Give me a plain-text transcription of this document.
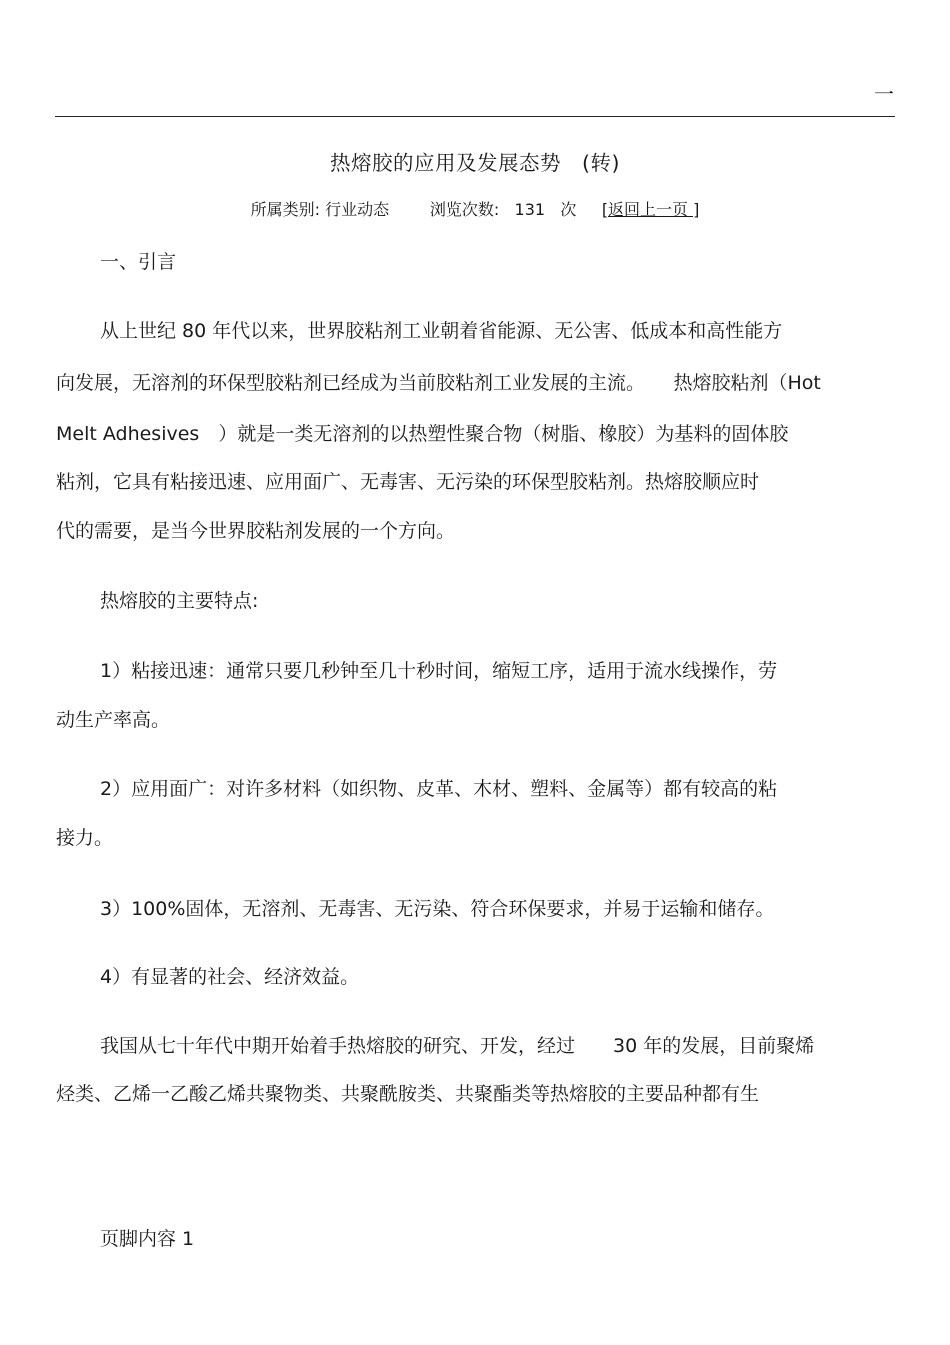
一
热熔胶的应用及发展态势　(转)
所属类别: 行业动态	浏览次数: 131 次 [返回上一页 ]
一、引言
从上世纪 80 年代以来，世界胶粘剂工业朝着省能源、无公害、低成本和高性能方
向发展，无溶剂的环保型胶粘剂已经成为当前胶粘剂工业发展的主流。　　热熔胶粘剂（Hot
Melt Adhesives　）就是一类无溶剂的以热塑性聚合物（树脂、橡胶）为基料的固体胶
粘剂，它具有粘接迅速、应用面广、无毒害、无污染的环保型胶粘剂。热熔胶顺应时
代的需要，是当今世界胶粘剂发展的一个方向。
热熔胶的主要特点:
1）粘接迅速：通常只要几秒钟至几十秒时间，缩短工序，适用于流水线操作，劳
动生产率高。
2）应用面广：对许多材料（如织物、皮革、木材、塑料、金属等）都有较高的粘
接力。
3）100%固体，无溶剂、无毒害、无污染、符合环保要求，并易于运输和储存。
4）有显著的社会、经济效益。
我国从七十年代中期开始着手热熔胶的研究、开发，经过　　30 年的发展，目前聚烯
烃类、乙烯一乙酸乙烯共聚物类、共聚酰胺类、共聚酯类等热熔胶的主要品种都有生
页脚内容 1
